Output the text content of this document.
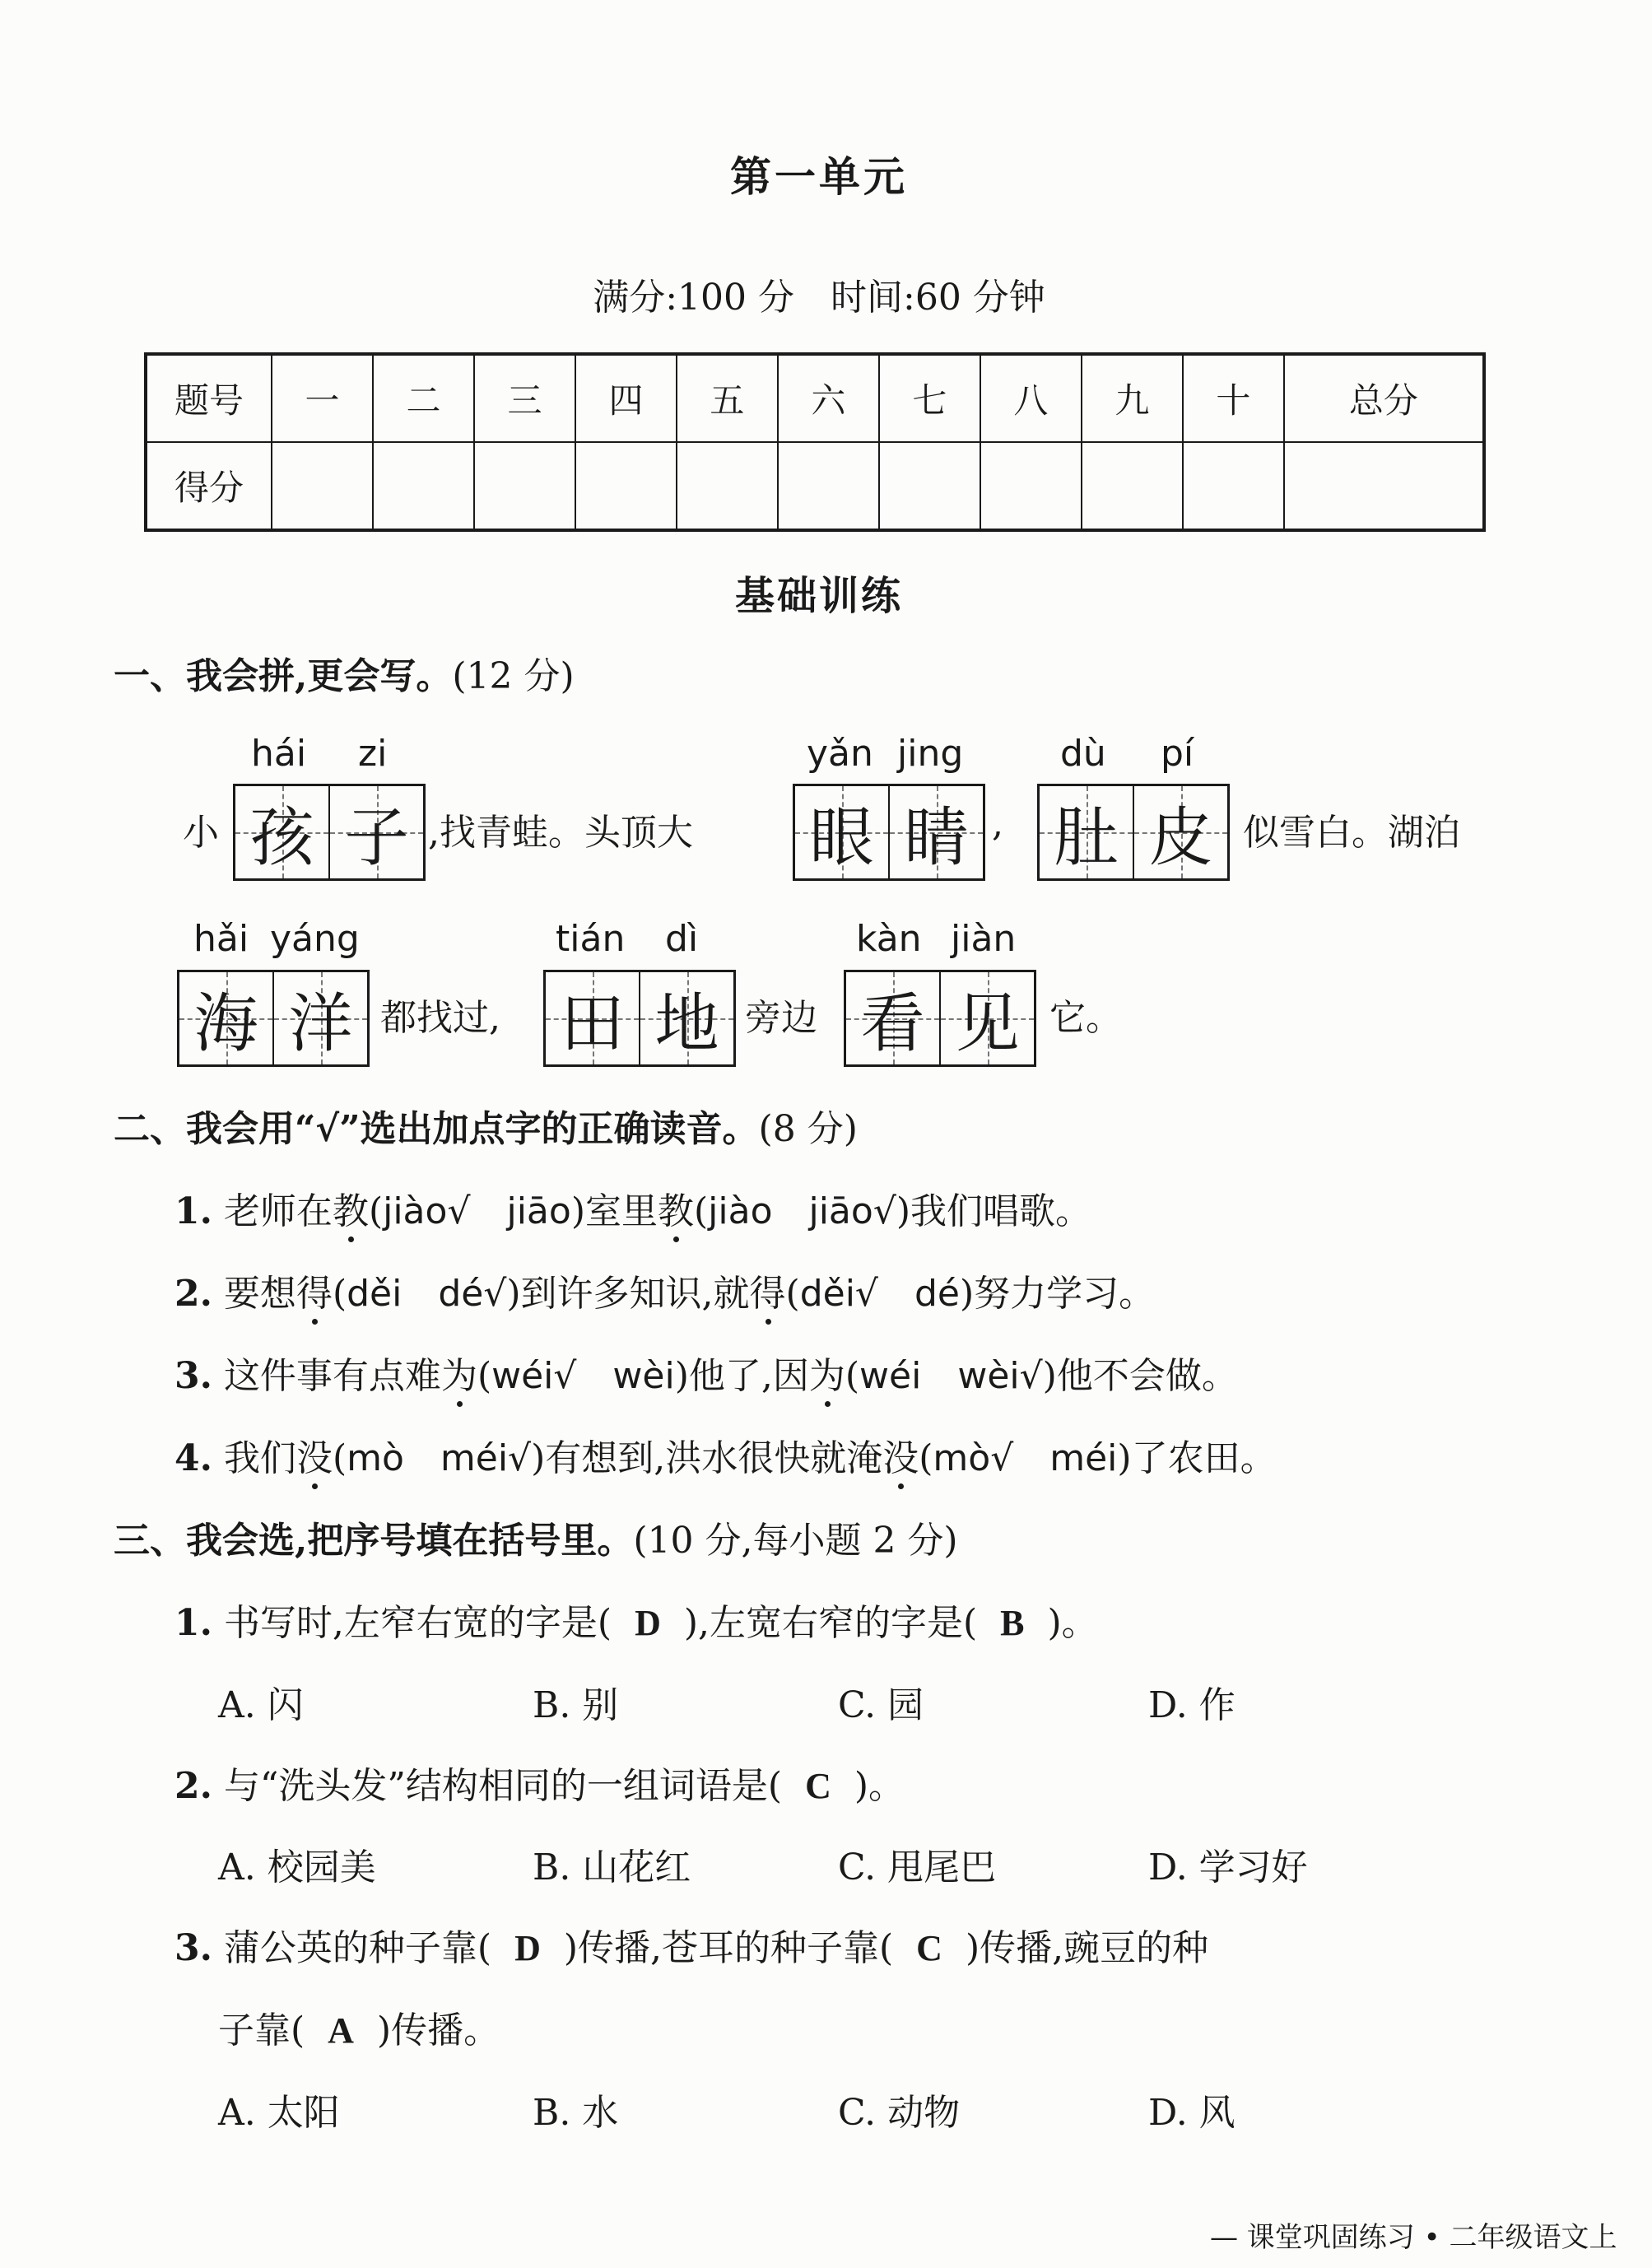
第一单元
满分:100 分　时间:60 分钟
题号	一	二	三	四	五	六	七	八	九	十	总分
得分											
基础训练
一、我会拼,更会写。(12 分)
hái zi	yǎn jing	dù pí
小 孩 子 ,找青蛙。头顶大 眼 睛 , 肚 皮 似雪白。湖泊
hǎi yáng	tián dì	kàn jiàn
海 洋 都找过, 田 地 旁边 看 见 它。
二、我会用“√”选出加点字的正确读音。(8 分)
1. 老师在教(jiào√　jiāo)室里教(jiào　jiāo√)我们唱歌。
2. 要想得(děi　dé√)到许多知识,就得(děi√　dé)努力学习。
3. 这件事有点难为(wéi√　wèi)他了,因为(wéi　wèi√)他不会做。
4. 我们没(mò　méi√)有想到,洪水很快就淹没(mò√　méi)了农田。
三、我会选,把序号填在括号里。(10 分,每小题 2 分)
1. 书写时,左窄右宽的字是( D ),左宽右窄的字是( B )。
A. 闪	B. 别	C. 园	D. 作
2. 与“洗头发”结构相同的一组词语是( C )。
A. 校园美	B. 山花红	C. 甩尾巴	D. 学习好
3. 蒲公英的种子靠( D )传播,苍耳的种子靠( C )传播,豌豆的种
子靠( A )传播。
A. 太阳	B. 水	C. 动物	D. 风
— 课堂巩固练习 • 二年级语文上
